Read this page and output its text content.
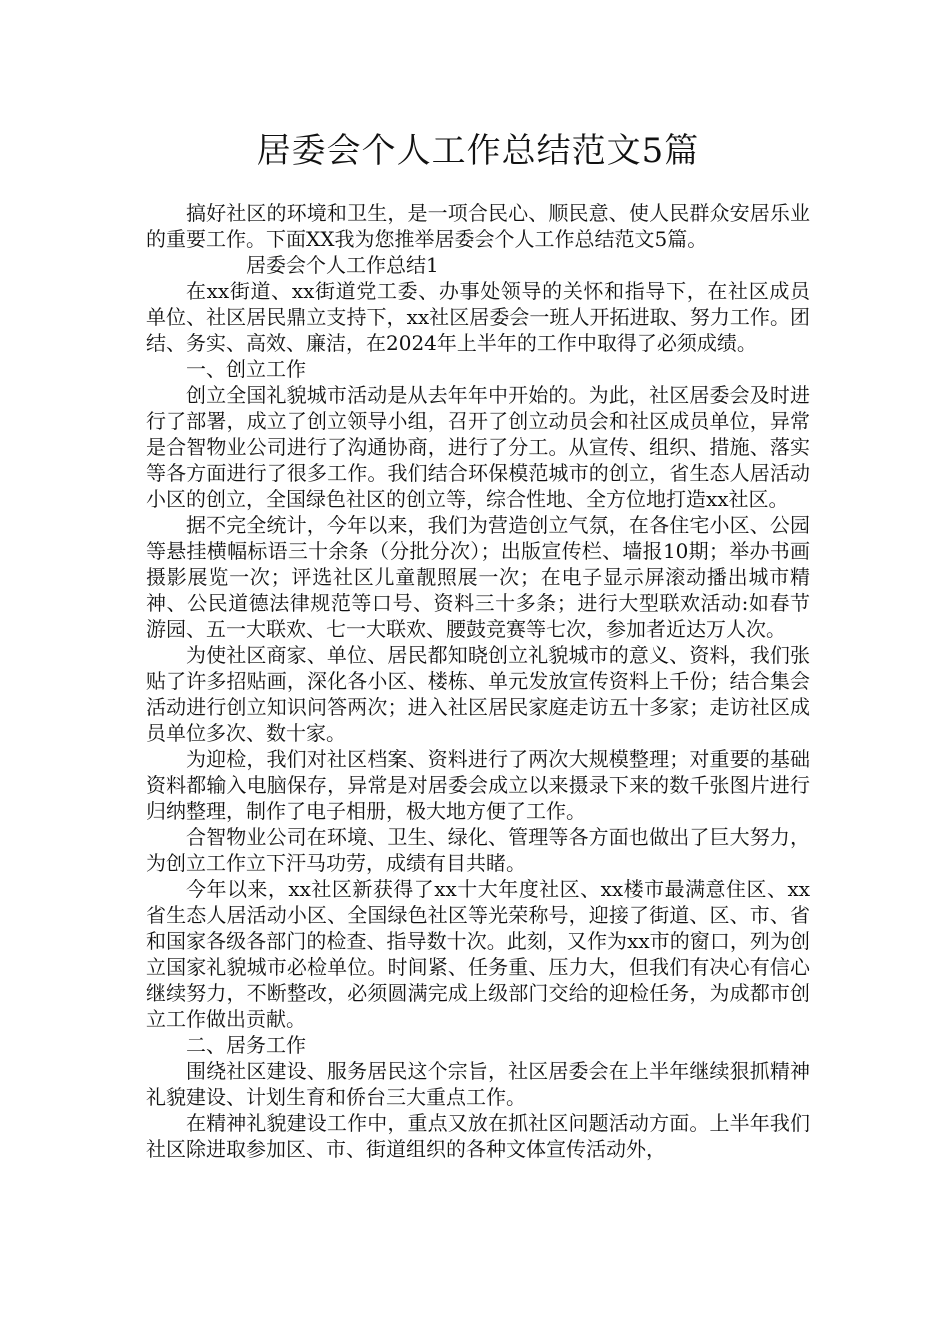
居委会个人工作总结范文5篇

搞好社区的环境和卫生，是一项合民心、顺民意、使人民群众安居乐业的重要工作。下面XX我为您推举居委会个人工作总结范文5篇。

居委会个人工作总结1

在xx街道、xx街道党工委、办事处领导的关怀和指导下，在社区成员单位、社区居民鼎立支持下，xx社区居委会一班人开拓进取、努力工作。团结、务实、高效、廉洁，在2024年上半年的工作中取得了必须成绩。

一、创立工作

创立全国礼貌城市活动是从去年年中开始的。为此，社区居委会及时进行了部署，成立了创立领导小组，召开了创立动员会和社区成员单位，异常是合智物业公司进行了沟通协商，进行了分工。从宣传、组织、措施、落实等各方面进行了很多工作。我们结合环保模范城市的创立，省生态人居活动小区的创立，全国绿色社区的创立等，综合性地、全方位地打造xx社区。

据不完全统计，今年以来，我们为营造创立气氛，在各住宅小区、公园等悬挂横幅标语三十余条（分批分次）；出版宣传栏、墙报10期；举办书画摄影展览一次；评选社区儿童靓照展一次；在电子显示屏滚动播出城市精神、公民道德法律规范等口号、资料三十多条；进行大型联欢活动:如春节游园、五一大联欢、七一大联欢、腰鼓竞赛等七次，参加者近达万人次。

为使社区商家、单位、居民都知晓创立礼貌城市的意义、资料，我们张贴了许多招贴画，深化各小区、楼栋、单元发放宣传资料上千份；结合集会活动进行创立知识问答两次；进入社区居民家庭走访五十多家；走访社区成员单位多次、数十家。

为迎检，我们对社区档案、资料进行了两次大规模整理；对重要的基础资料都输入电脑保存，异常是对居委会成立以来摄录下来的数千张图片进行归纳整理，制作了电子相册，极大地方便了工作。

合智物业公司在环境、卫生、绿化、管理等各方面也做出了巨大努力，为创立工作立下汗马功劳，成绩有目共睹。

今年以来，xx社区新获得了xx十大年度社区、xx楼市最满意住区、xx省生态人居活动小区、全国绿色社区等光荣称号，迎接了街道、区、市、省和国家各级各部门的检查、指导数十次。此刻，又作为xx市的窗口，列为创立国家礼貌城市必检单位。时间紧、任务重、压力大，但我们有决心有信心继续努力，不断整改，必须圆满完成上级部门交给的迎检任务，为成都市创立工作做出贡献。

二、居务工作

围绕社区建设、服务居民这个宗旨，社区居委会在上半年继续狠抓精神礼貌建设、计划生育和侨台三大重点工作。

在精神礼貌建设工作中，重点又放在抓社区问题活动方面。上半年我们社区除进取参加区、市、街道组织的各种文体宣传活动外，
